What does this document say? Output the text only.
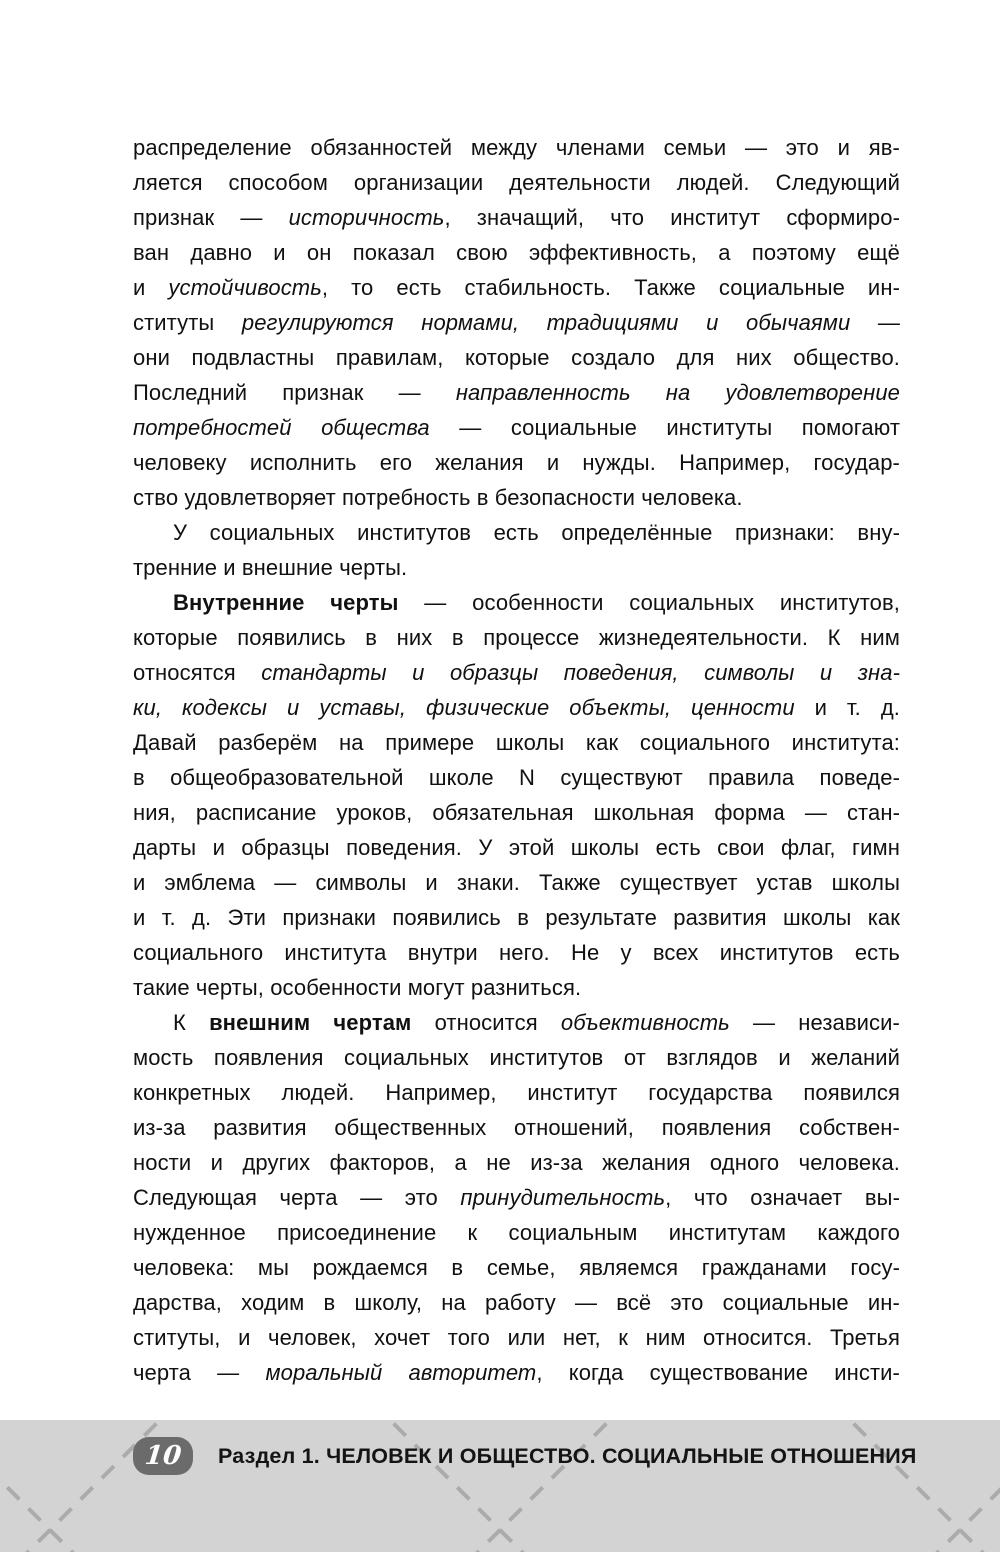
распределение обязанностей между членами семьи — это и яв-
ляется способом организации деятельности людей. Следующий
признак — историчность, значащий, что институт сформиро-
ван давно и он показал свою эффективность, а поэтому ещё
и устойчивость, то есть стабильность. Также социальные ин-
ституты регулируются нормами, традициями и обычаями —
они подвластны правилам, которые создало для них общество.
Последний признак — направленность на удовлетворение
потребностей общества — социальные институты помогают
человеку исполнить его желания и нужды. Например, государ-
ство удовлетворяет потребность в безопасности человека.
У социальных институтов есть определённые признаки: вну-
тренние и внешние черты.
Внутренние черты — особенности социальных институтов,
которые появились в них в процессе жизнедеятельности. К ним
относятся стандарты и образцы поведения, символы и зна-
ки, кодексы и уставы, физические объекты, ценности и т. д.
Давай разберём на примере школы как социального института:
в общеобразовательной школе N существуют правила поведе-
ния, расписание уроков, обязательная школьная форма — стан-
дарты и образцы поведения. У этой школы есть свои флаг, гимн
и эмблема — символы и знаки. Также существует устав школы
и т. д. Эти признаки появились в результате развития школы как
социального института внутри него. Не у всех институтов есть
такие черты, особенности могут разниться.
К внешним чертам относится объективность — независи-
мость появления социальных институтов от взглядов и желаний
конкретных людей. Например, институт государства появился
из-за развития общественных отношений, появления собствен-
ности и других факторов, а не из-за желания одного человека.
Следующая черта — это принудительность, что означает вы-
нужденное присоединение к социальным институтам каждого
человека: мы рождаемся в семье, являемся гражданами госу-
дарства, ходим в школу, на работу — всё это социальные ин-
ституты, и человек, хочет того или нет, к ним относится. Третья
черта — моральный авторитет, когда существование инсти-
10 Раздел 1. ЧЕЛОВЕК И ОБЩЕСТВО. СОЦИАЛЬНЫЕ ОТНОШЕНИЯ
